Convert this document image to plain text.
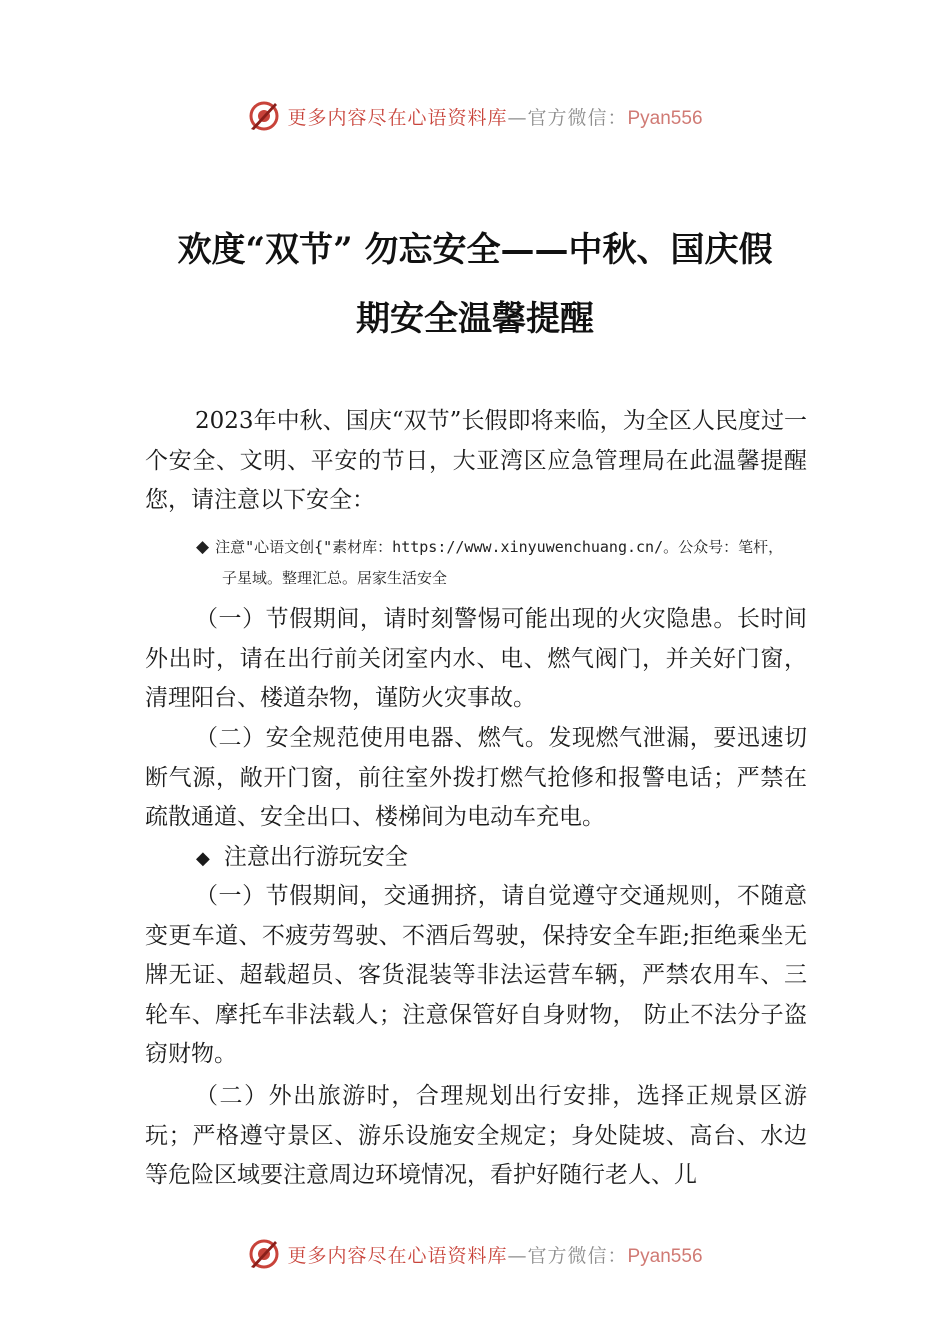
更多内容尽在心语资料库—官方微信：Pyan556
欢度“双节” 勿忘安全——中秋、国庆假
期安全温馨提醒

2023年中秋、国庆“双节”长假即将来临，为全区人民度过一个安全、文明、平安的节日，大亚湾区应急管理局在此温馨提醒您，请注意以下安全：

◆ 注意"心语文创{"素材库：https://www.xinyuwenchuang.cn/。公众号：笔杆，
子星域。整理汇总。居家生活安全

（一）节假期间，请时刻警惕可能出现的火灾隐患。长时间外出时，请在出行前关闭室内水、电、燃气阀门，并关好门窗，清理阳台、楼道杂物，谨防火灾事故。

（二）安全规范使用电器、燃气。发现燃气泄漏，要迅速切断气源，敞开门窗，前往室外拨打燃气抢修和报警电话；严禁在疏散通道、安全出口、楼梯间为电动车充电。

◆ 注意出行游玩安全

（一）节假期间，交通拥挤，请自觉遵守交通规则，不随意变更车道、不疲劳驾驶、不酒后驾驶，保持安全车距;拒绝乘坐无牌无证、超载超员、客货混装等非法运营车辆，严禁农用车、三轮车、摩托车非法载人；注意保管好自身财物， 防止不法分子盗窃财物。

（二）外出旅游时，合理规划出行安排，选择正规景区游玩；严格遵守景区、游乐设施安全规定；身处陡坡、高台、水边等危险区域要注意周边环境情况，看护好随行老人、儿

更多内容尽在心语资料库—官方微信：Pyan556
